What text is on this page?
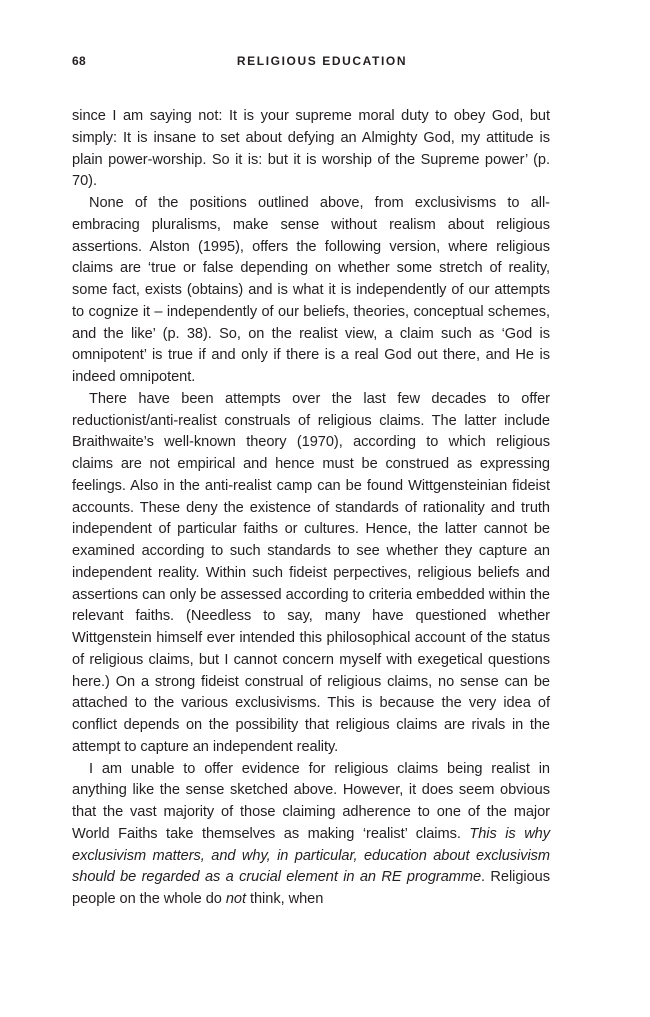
68	RELIGIOUS EDUCATION

since I am saying not: It is your supreme moral duty to obey God, but simply: It is insane to set about defying an Almighty God, my attitude is plain power-worship. So it is: but it is worship of the Supreme power’ (p. 70).

None of the positions outlined above, from exclusivisms to all-embracing pluralisms, make sense without realism about religious assertions. Alston (1995), offers the following version, where religious claims are ‘true or false depending on whether some stretch of reality, some fact, exists (obtains) and is what it is independently of our attempts to cognize it – independently of our beliefs, theories, conceptual schemes, and the like’ (p. 38). So, on the realist view, a claim such as ‘God is omnipotent’ is true if and only if there is a real God out there, and He is indeed omnipotent.

There have been attempts over the last few decades to offer reductionist/anti-realist construals of religious claims. The latter include Braithwaite’s well-known theory (1970), according to which religious claims are not empirical and hence must be construed as expressing feelings. Also in the anti-realist camp can be found Wittgensteinian fideist accounts. These deny the existence of standards of rationality and truth independent of particular faiths or cultures. Hence, the latter cannot be examined according to such standards to see whether they capture an independent reality. Within such fideist perpectives, religious beliefs and assertions can only be assessed according to criteria embedded within the relevant faiths. (Needless to say, many have questioned whether Wittgenstein himself ever intended this philosophical account of the status of religious claims, but I cannot concern myself with exegetical questions here.) On a strong fideist construal of religious claims, no sense can be attached to the various exclusivisms. This is because the very idea of conflict depends on the possibility that religious claims are rivals in the attempt to capture an independent reality.

I am unable to offer evidence for religious claims being realist in anything like the sense sketched above. However, it does seem obvious that the vast majority of those claiming adherence to one of the major World Faiths take themselves as making ‘realist’ claims. This is why exclusivism matters, and why, in particular, education about exclusivism should be regarded as a crucial element in an RE programme. Religious people on the whole do not think, when
